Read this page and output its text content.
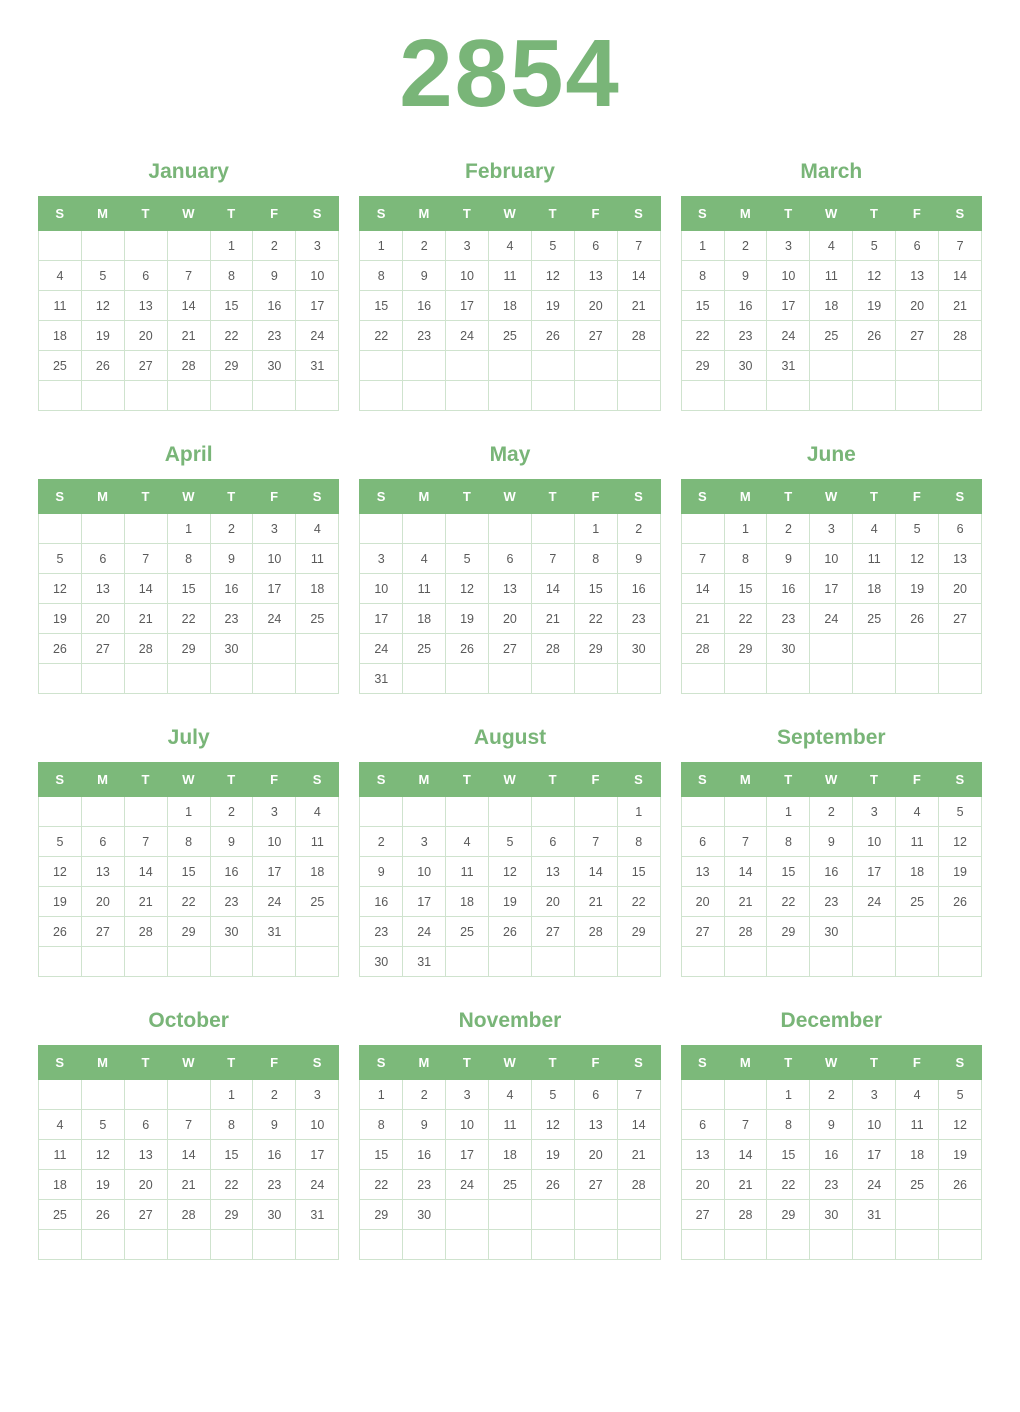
2854
January
S	M	T	W	T	F	S
				1	2	3
4	5	6	7	8	9	10
11	12	13	14	15	16	17
18	19	20	21	22	23	24
25	26	27	28	29	30	31

February
S	M	T	W	T	F	S
1	2	3	4	5	6	7
8	9	10	11	12	13	14
15	16	17	18	19	20	21
22	23	24	25	26	27	28

March
S	M	T	W	T	F	S
1	2	3	4	5	6	7
8	9	10	11	12	13	14
15	16	17	18	19	20	21
22	23	24	25	26	27	28
29	30	31				

April
S	M	T	W	T	F	S
			1	2	3	4
5	6	7	8	9	10	11
12	13	14	15	16	17	18
19	20	21	22	23	24	25
26	27	28	29	30		

May
S	M	T	W	T	F	S
					1	2
3	4	5	6	7	8	9
10	11	12	13	14	15	16
17	18	19	20	21	22	23
24	25	26	27	28	29	30
31						
June
S	M	T	W	T	F	S
	1	2	3	4	5	6
7	8	9	10	11	12	13
14	15	16	17	18	19	20
21	22	23	24	25	26	27
28	29	30				

July
S	M	T	W	T	F	S
			1	2	3	4
5	6	7	8	9	10	11
12	13	14	15	16	17	18
19	20	21	22	23	24	25
26	27	28	29	30	31	

August
S	M	T	W	T	F	S
						1
2	3	4	5	6	7	8
9	10	11	12	13	14	15
16	17	18	19	20	21	22
23	24	25	26	27	28	29
30	31					
September
S	M	T	W	T	F	S
		1	2	3	4	5
6	7	8	9	10	11	12
13	14	15	16	17	18	19
20	21	22	23	24	25	26
27	28	29	30			

October
S	M	T	W	T	F	S
				1	2	3
4	5	6	7	8	9	10
11	12	13	14	15	16	17
18	19	20	21	22	23	24
25	26	27	28	29	30	31

November
S	M	T	W	T	F	S
1	2	3	4	5	6	7
8	9	10	11	12	13	14
15	16	17	18	19	20	21
22	23	24	25	26	27	28
29	30					

December
S	M	T	W	T	F	S
		1	2	3	4	5
6	7	8	9	10	11	12
13	14	15	16	17	18	19
20	21	22	23	24	25	26
27	28	29	30	31		
